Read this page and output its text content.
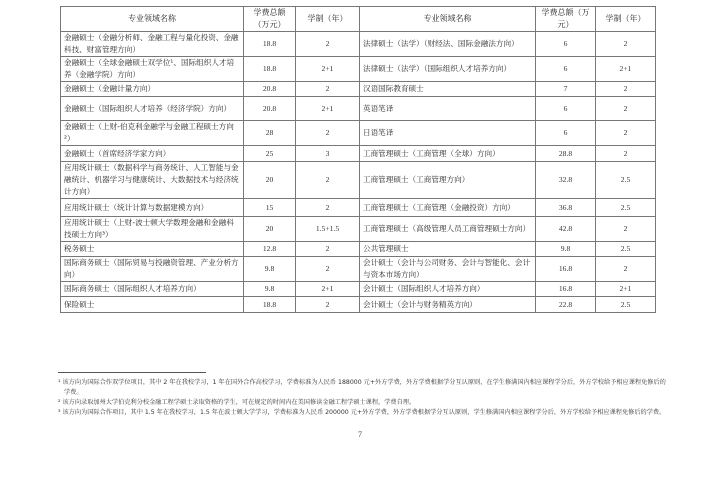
专业领域名称	学费总额（万元）	学制（年）	专业领域名称	学费总额（万元）	学制（年）
金融硕士（金融分析师、金融工程与量化投资、金融科技、财富管理方向）	18.8	2	法律硕士（法学）（财经法、国际金融法方向）	6	2
金融硕士（全球金融硕士双学位¹、国际组织人才培养（金融学院）方向）	18.8	2+1	法律硕士（法学）（国际组织人才培养方向）	6	2+1
金融硕士（金融计量方向）	20.8	2	汉语国际教育硕士	7	2
金融硕士（国际组织人才培养（经济学院）方向）	20.8	2+1	英语笔译	6	2
金融硕士（上财-伯克利金融学与金融工程硕士方向²）	28	2	日语笔译	6	2
金融硕士（首席经济学家方向）	25	3	工商管理硕士（工商管理（全球）方向）	28.8	2
应用统计硕士（数据科学与商务统计、人工智能与金融统计、机器学习与健康统计、大数据技术与经济统计方向）	20	2	工商管理硕士（工商管理方向）	32.8	2.5
应用统计硕士（统计计算与数据建模方向）	15	2	工商管理硕士（工商管理（金融投资）方向）	36.8	2.5
应用统计硕士（上财-波士顿大学数理金融和金融科技硕士方向³）	20	1.5+1.5	工商管理硕士（高级管理人员工商管理硕士方向）	42.8	2
税务硕士	12.8	2	公共管理硕士	9.8	2.5
国际商务硕士（国际贸易与投融资管理、产业分析方向）	9.8	2	会计硕士（会计与公司财务、会计与智能化、会计与资本市场方向）	16.8	2
国际商务硕士（国际组织人才培养方向）	9.8	2+1	会计硕士（国际组织人才培养方向）	16.8	2+1
保险硕士	18.8	2	会计硕士（会计与财务精英方向）	22.8	2.5
¹ 该方向为国际合作双学位项目，其中 2 年在我校学习，1 年在国外合作高校学习，学费标准为人民币 188000 元+外方学费，外方学费根据学分互认原则，在学生修满国内相应课程学分后，外方学校给予相应课程免修后的学费。
² 该方向录取加州大学伯克利分校金融工程学硕士录取资格的学生，可在规定的时间内在美国修读金融工程学硕士课程，学费自理。
³ 该方向为国际合作项目，其中 1.5 年在我校学习，1.5 年在波士顿大学学习，学费标准为人民币 200000 元+外方学费，外方学费根据学分互认原则，学生修满国内相应课程学分后，外方学校给予相应课程免修后的学费。
7
